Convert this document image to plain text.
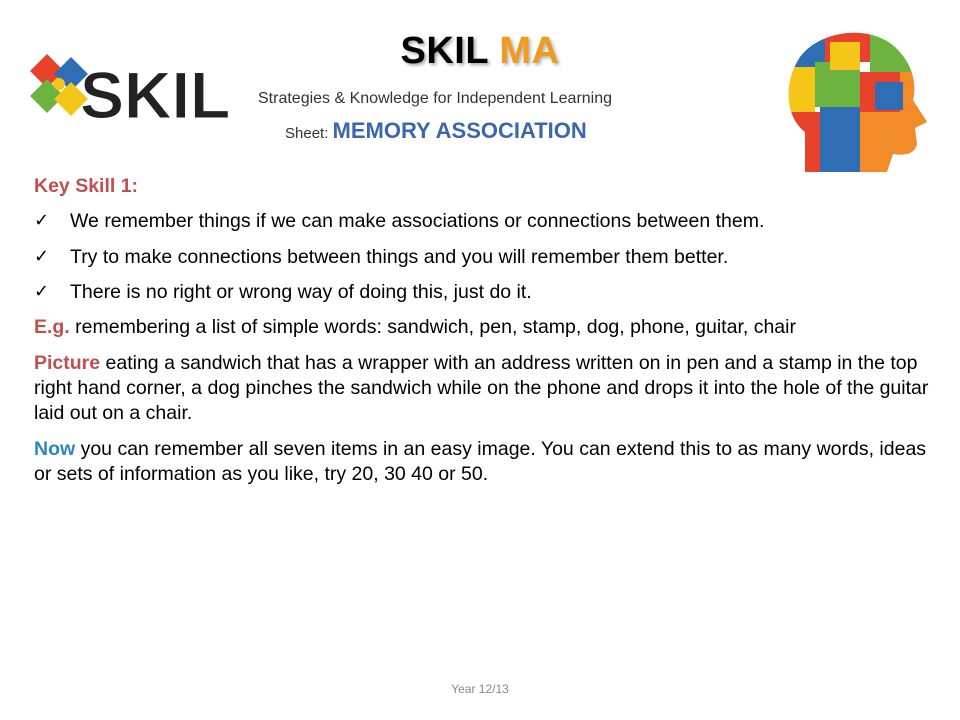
SKIL
SKIL MA
Strategies & Knowledge for Independent Learning
Sheet: MEMORY ASSOCIATION
Key Skill 1:
✓	We remember things if we can make associations or connections between them.
✓	Try to make connections between things and you will remember them better.
✓	There is no right or wrong way of doing this, just do it.
E.g. remembering a list of simple words: sandwich, pen, stamp, dog, phone, guitar, chair
Picture eating a sandwich that has a wrapper with an address written on in pen and a stamp in the top right hand corner, a dog pinches the sandwich while on the phone and drops it into the hole of the guitar laid out on a chair.
Now you can remember all seven items in an easy image. You can extend this to as many words, ideas or sets of information as you like, try 20, 30 40 or 50.
Year 12/13
